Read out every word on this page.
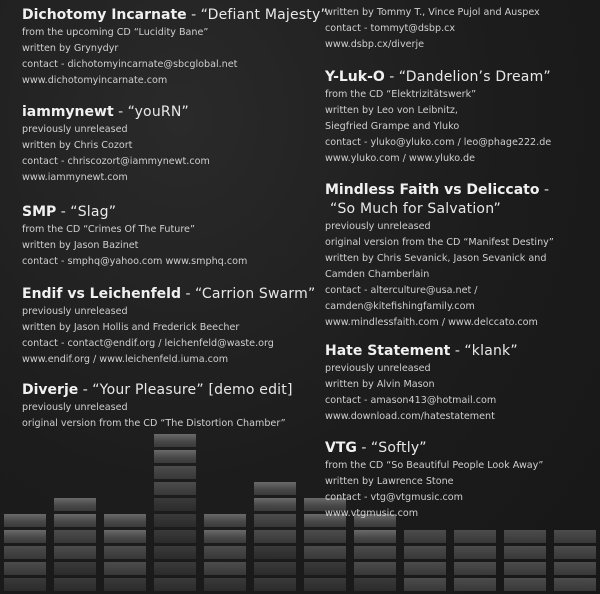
Dichotomy Incarnate - “Defiant Majesty”
from the upcoming CD “Lucidity Bane”
written by Grynydyr
contact - dichotomyincarnate@sbcglobal.net
www.dichotomyincarnate.com
iammynewt - “youRN”
previously unreleased
written by Chris Cozort
contact - chriscozort@iammynewt.com
www.iammynewt.com
SMP - “Slag”
from the CD “Crimes Of The Future”
written by Jason Bazinet
contact - smphq@yahoo.com www.smphq.com
Endif vs Leichenfeld - “Carrion Swarm”
previously unreleased
written by Jason Hollis and Frederick Beecher
contact - contact@endif.org / leichenfeld@waste.org
www.endif.org / www.leichenfeld.iuma.com
Diverje - “Your Pleasure” [demo edit]
previously unreleased
original version from the CD “The Distortion Chamber”
written by Tommy T., Vince Pujol and Auspex
contact - tommyt@dsbp.cx
www.dsbp.cx/diverje
Y-Luk-O - “Dandelion’s Dream”
from the CD “Elektrizitätswerk”
written by Leo von Leibnitz,
Siegfried Grampe and Yluko
contact - yluko@yluko.com / leo@phage222.de
www.yluko.com / www.yluko.de
Mindless Faith vs Deliccato -
“So Much for Salvation”
previously unreleased
original version from the CD “Manifest Destiny”
written by Chris Sevanick, Jason Sevanick and
Camden Chamberlain
contact - alterculture@usa.net /
camden@kitefishingfamily.com
www.mindlessfaith.com / www.delccato.com
Hate Statement - “klank”
previously unreleased
written by Alvin Mason
contact - amason413@hotmail.com
www.download.com/hatestatement
VTG - “Softly”
from the CD “So Beautiful People Look Away”
written by Lawrence Stone
contact - vtg@vtgmusic.com
www.vtgmusic.com
